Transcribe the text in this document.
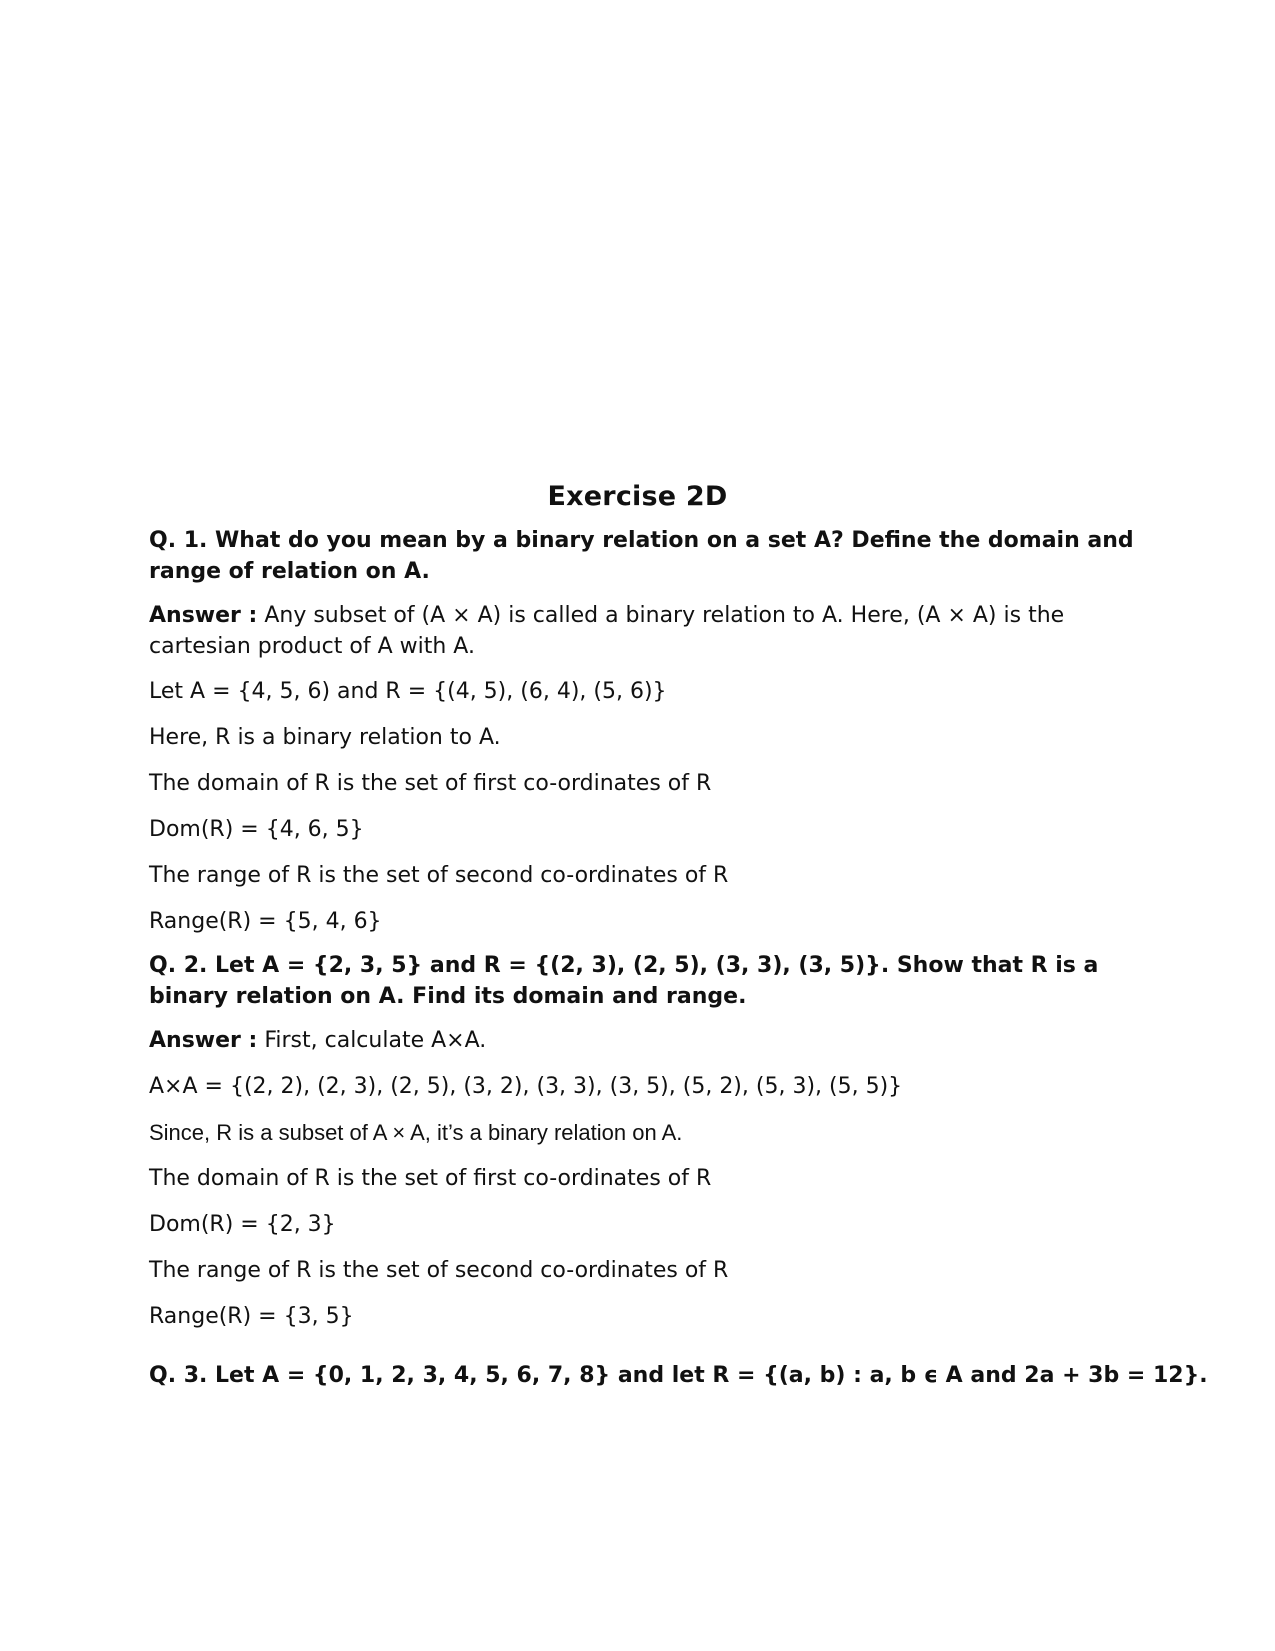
Exercise 2D
Q. 1. What do you mean by a binary relation on a set A? Define the domain and range of relation on A.
Answer : Any subset of (A × A) is called a binary relation to A. Here, (A × A) is the cartesian product of A with A.
Let A = {4, 5, 6) and R = {(4, 5), (6, 4), (5, 6)}
Here, R is a binary relation to A.
The domain of R is the set of first co-ordinates of R
Dom(R) = {4, 6, 5}
The range of R is the set of second co-ordinates of R
Range(R) = {5, 4, 6}
Q. 2. Let A = {2, 3, 5} and R = {(2, 3), (2, 5), (3, 3), (3, 5)}. Show that R is a binary relation on A. Find its domain and range.
Answer : First, calculate A×A.
A×A = {(2, 2), (2, 3), (2, 5), (3, 2), (3, 3), (3, 5), (5, 2), (5, 3), (5, 5)}
Since, R is a subset of A × A, it’s a binary relation on A.
The domain of R is the set of first co-ordinates of R
Dom(R) = {2, 3}
The range of R is the set of second co-ordinates of R
Range(R) = {3, 5}
Q. 3. Let A = {0, 1, 2, 3, 4, 5, 6, 7, 8} and let R = {(a, b) : a, b ϵ A and 2a + 3b = 12}.
